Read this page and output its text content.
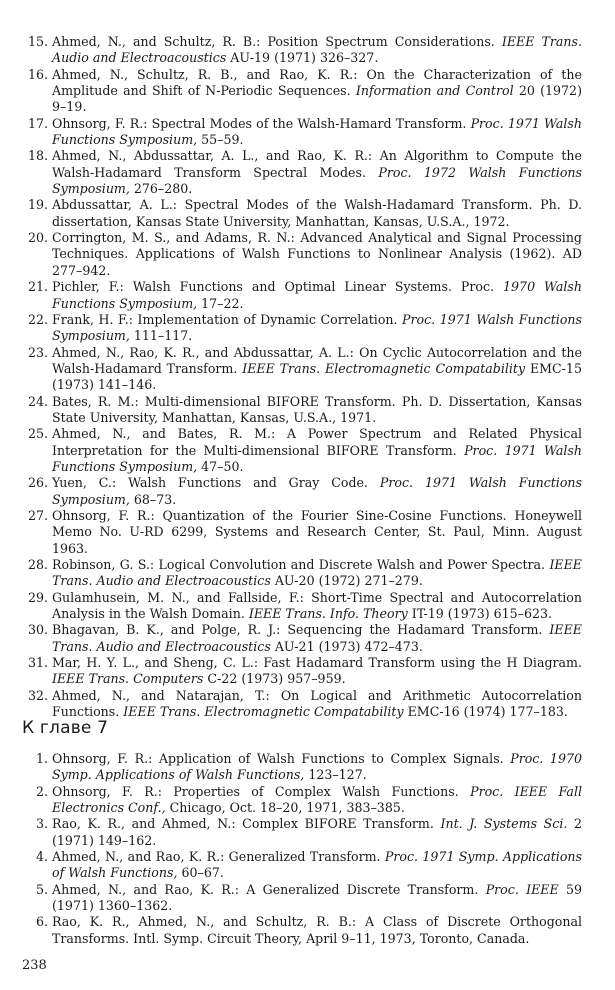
15. Ahmed, N., and Schultz, R. B.: Position Spectrum Considerations. IEEE Trans. Audio and Electroacoustics AU-19 (1971) 326–327.
16. Ahmed, N., Schultz, R. B., and Rao, K. R.: On the Characterization of the Amplitude and Shift of N-Periodic Sequences. Information and Control 20 (1972) 9–19.
17. Ohnsorg, F. R.: Spectral Modes of the Walsh-Hamard Transform. Proc. 1971 Walsh Functions Symposium, 55–59.
18. Ahmed, N., Abdussattar, A. L., and Rao, K. R.: An Algorithm to Compute the Walsh-Hadamard Transform Spectral Modes. Proc. 1972 Walsh Functions Symposium, 276–280.
19. Abdussattar, A. L.: Spectral Modes of the Walsh-Hadamard Transform. Ph. D. dissertation, Kansas State University, Manhattan, Kansas, U.S.A., 1972.
20. Corrington, M. S., and Adams, R. N.: Advanced Analytical and Signal Processing Techniques. Applications of Walsh Functions to Nonlinear Analysis (1962). AD 277–942.
21. Pichler, F.: Walsh Functions and Optimal Linear Systems. Proc. 1970 Walsh Functions Symposium, 17–22.
22. Frank, H. F.: Implementation of Dynamic Correlation. Proc. 1971 Walsh Functions Symposium, 111–117.
23. Ahmed, N., Rao, K. R., and Abdussattar, A. L.: On Cyclic Autocorrelation and the Walsh-Hadamard Transform. IEEE Trans. Electromagnetic Compatability EMC-15 (1973) 141–146.
24. Bates, R. M.: Multi-dimensional BIFORE Transform. Ph. D. Dissertation, Kansas State University, Manhattan, Kansas, U.S.A., 1971.
25. Ahmed, N., and Bates, R. M.: A Power Spectrum and Related Physical Interpretation for the Multi-dimensional BIFORE Transform. Proc. 1971 Walsh Functions Symposium, 47–50.
26. Yuen, C.: Walsh Functions and Gray Code. Proc. 1971 Walsh Functions Symposium, 68–73.
27. Ohnsorg, F. R.: Quantization of the Fourier Sine-Cosine Functions. Honeywell Memo No. U-RD 6299, Systems and Research Center, St. Paul, Minn. August 1963.
28. Robinson, G. S.: Logical Convolution and Discrete Walsh and Power Spectra. IEEE Trans. Audio and Electroacoustics AU-20 (1972) 271–279.
29. Gulamhusein, M. N., and Fallside, F.: Short-Time Spectral and Autocorrelation Analysis in the Walsh Domain. IEEE Trans. Info. Theory IT-19 (1973) 615–623.
30. Bhagavan, B. K., and Polge, R. J.: Sequencing the Hadamard Transform. IEEE Trans. Audio and Electroacoustics AU-21 (1973) 472–473.
31. Mar, H. Y. L., and Sheng, C. L.: Fast Hadamard Transform using the H Diagram. IEEE Trans. Computers C-22 (1973) 957–959.
32. Ahmed, N., and Natarajan, T.: On Logical and Arithmetic Autocorrelation Functions. IEEE Trans. Electromagnetic Compatability EMC-16 (1974) 177–183.
К главе 7
1. Ohnsorg, F. R.: Application of Walsh Functions to Complex Signals. Proc. 1970 Symp. Applications of Walsh Functions, 123–127.
2. Ohnsorg, F. R.: Properties of Complex Walsh Functions. Proc. IEEE Fall Electronics Conf., Chicago, Oct. 18–20, 1971, 383–385.
3. Rao, K. R., and Ahmed, N.: Complex BIFORE Transform. Int. J. Systems Sci. 2 (1971) 149–162.
4. Ahmed, N., and Rao, K. R.: Generalized Transform. Proc. 1971 Symp. Applications of Walsh Functions, 60–67.
5. Ahmed, N., and Rao, K. R.: A Generalized Discrete Transform. Proc. IEEE 59 (1971) 1360–1362.
6. Rao, K. R., Ahmed, N., and Schultz, R. B.: A Class of Discrete Orthogonal Transforms. Intl. Symp. Circuit Theory, April 9–11, 1973, Toronto, Canada.
238
